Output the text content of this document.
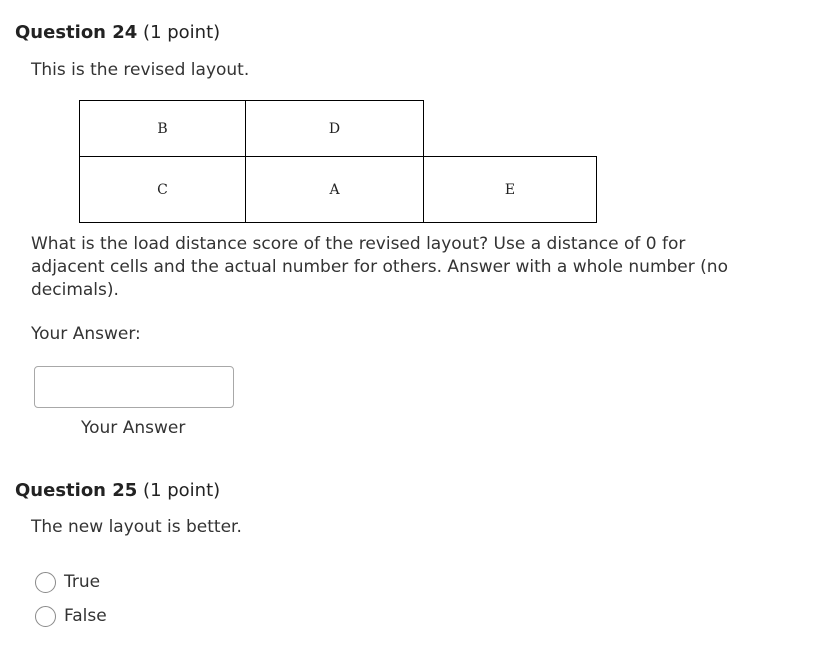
Question 24 (1 point)
This is the revised layout.
B	D
C	A	E
What is the load distance score of the revised layout? Use a distance of 0 for adjacent cells and the actual number for others. Answer with a whole number (no decimals).
Your Answer:
Your Answer
Question 25 (1 point)
The new layout is better.
True
False
